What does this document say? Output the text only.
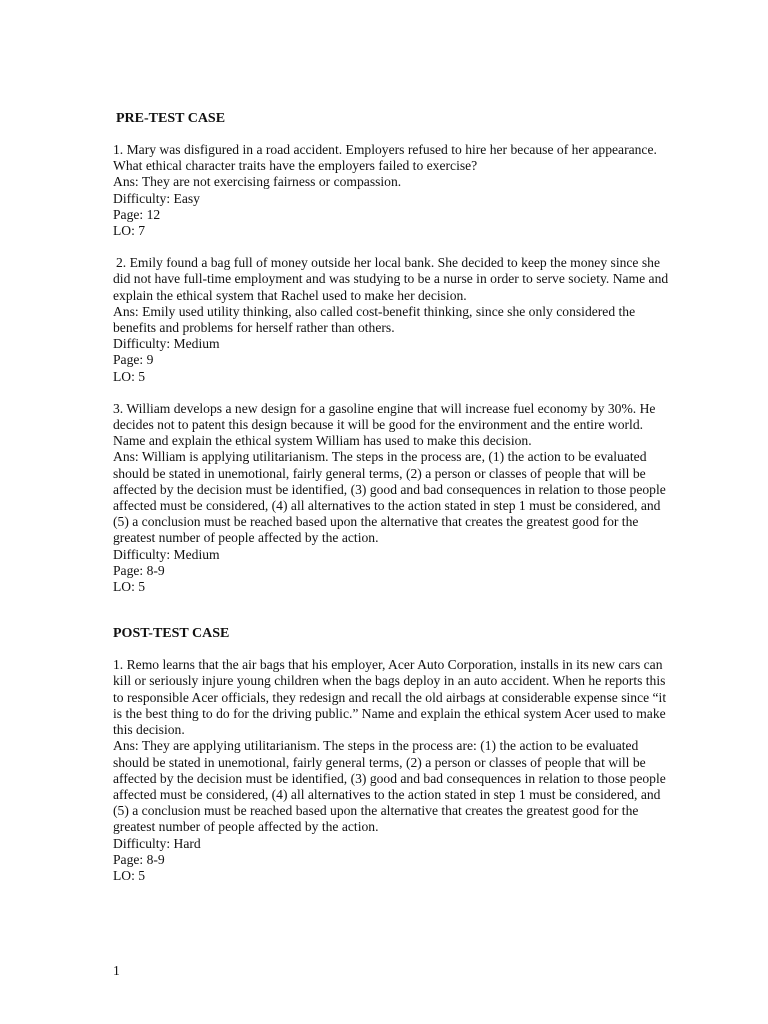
PRE-TEST CASE
1. Mary was disfigured in a road accident. Employers refused to hire her because of her appearance. What ethical character traits have the employers failed to exercise?
Ans: They are not exercising fairness or compassion.
Difficulty: Easy
Page: 12
LO: 7
2. Emily found a bag full of money outside her local bank. She decided to keep the money since she did not have full-time employment and was studying to be a nurse in order to serve society. Name and explain the ethical system that Rachel used to make her decision.
Ans: Emily used utility thinking, also called cost-benefit thinking, since she only considered the benefits and problems for herself rather than others.
Difficulty: Medium
Page: 9
LO: 5
3. William develops a new design for a gasoline engine that will increase fuel economy by 30%. He decides not to patent this design because it will be good for the environment and the entire world. Name and explain the ethical system William has used to make this decision.
Ans: William is applying utilitarianism. The steps in the process are, (1) the action to be evaluated should be stated in unemotional, fairly general terms, (2) a person or classes of people that will be affected by the decision must be identified, (3) good and bad consequences in relation to those people affected must be considered, (4) all alternatives to the action stated in step 1 must be considered, and (5) a conclusion must be reached based upon the alternative that creates the greatest good for the greatest number of people affected by the action.
Difficulty: Medium
Page: 8-9
LO: 5
POST-TEST CASE
1. Remo learns that the air bags that his employer, Acer Auto Corporation, installs in its new cars can kill or seriously injure young children when the bags deploy in an auto accident. When he reports this to responsible Acer officials, they redesign and recall the old airbags at considerable expense since “it is the best thing to do for the driving public.” Name and explain the ethical system Acer used to make this decision.
Ans: They are applying utilitarianism. The steps in the process are: (1) the action to be evaluated should be stated in unemotional, fairly general terms, (2) a person or classes of people that will be affected by the decision must be identified, (3) good and bad consequences in relation to those people affected must be considered, (4) all alternatives to the action stated in step 1 must be considered, and (5) a conclusion must be reached based upon the alternative that creates the greatest good for the greatest number of people affected by the action.
Difficulty: Hard
Page: 8-9
LO: 5
1
